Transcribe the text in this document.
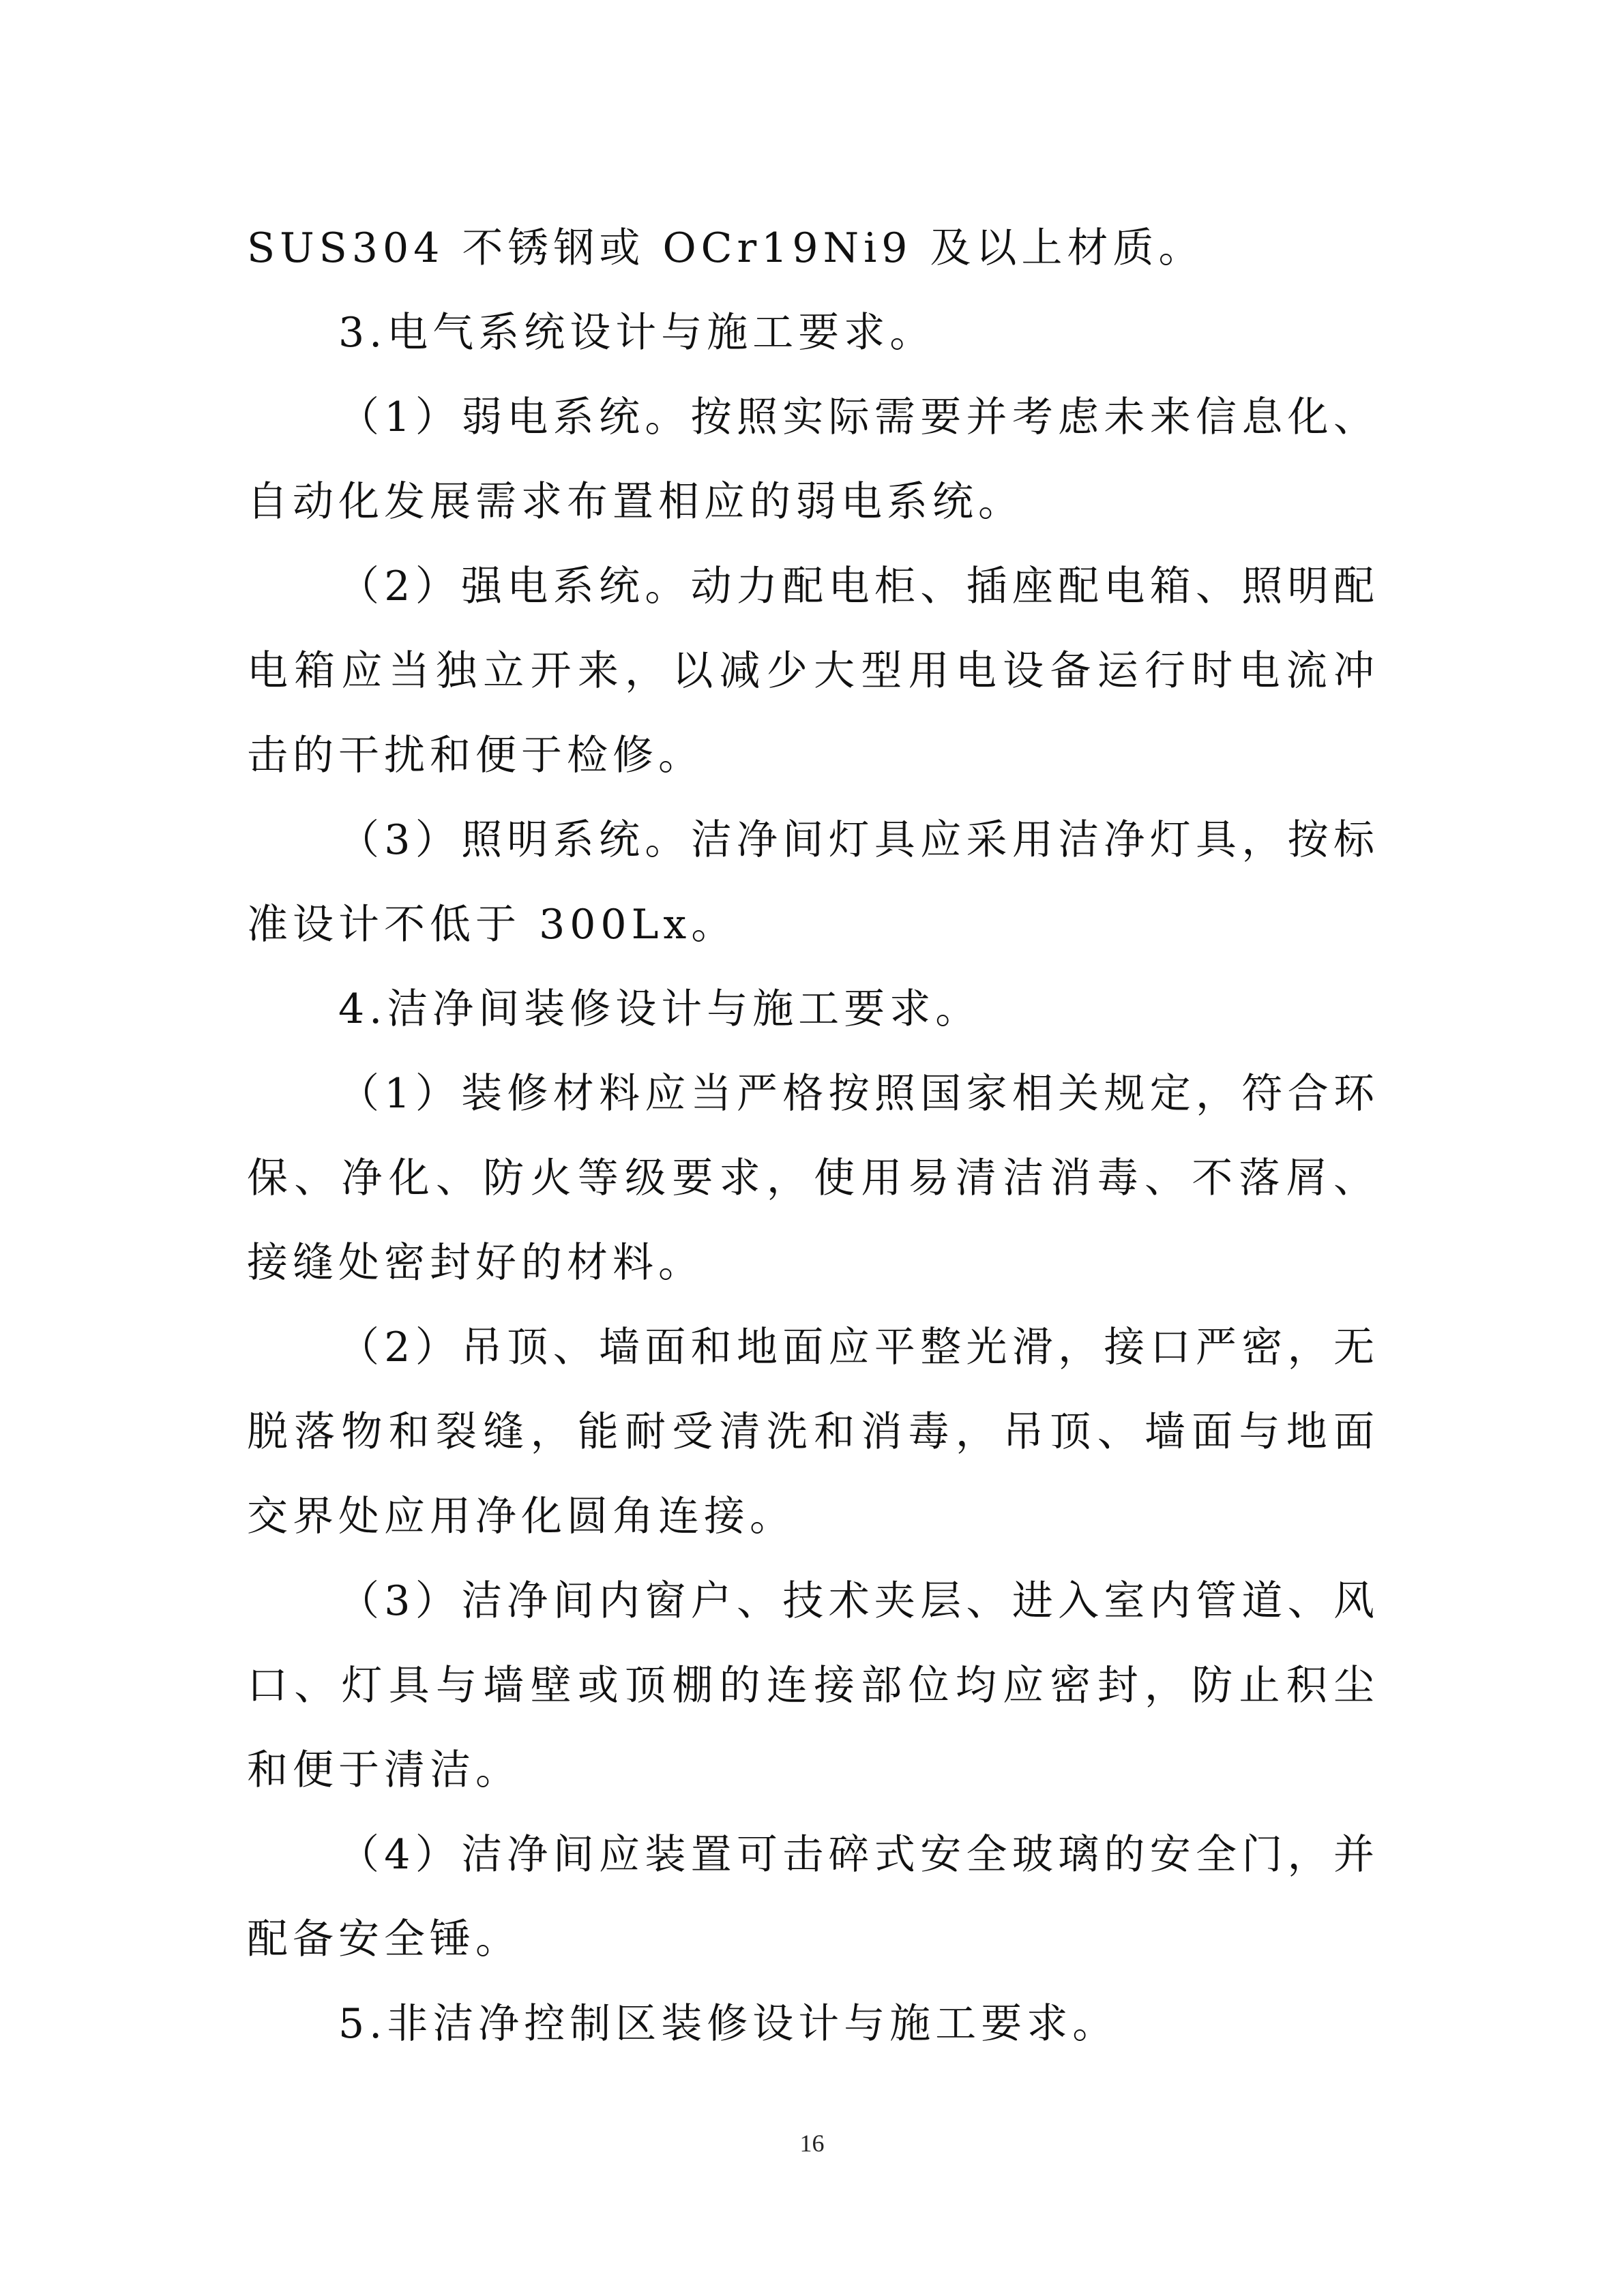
SUS304 不锈钢或 OCr19Ni9 及以上材质。

3.电气系统设计与施工要求。

（1）弱电系统。按照实际需要并考虑未来信息化、自动化发展需求布置相应的弱电系统。

（2）强电系统。动力配电柜、插座配电箱、照明配电箱应当独立开来，以减少大型用电设备运行时电流冲击的干扰和便于检修。

（3）照明系统。洁净间灯具应采用洁净灯具，按标准设计不低于 300Lx。

4.洁净间装修设计与施工要求。

（1）装修材料应当严格按照国家相关规定，符合环保、净化、防火等级要求，使用易清洁消毒、不落屑、接缝处密封好的材料。

（2）吊顶、墙面和地面应平整光滑，接口严密，无脱落物和裂缝，能耐受清洗和消毒，吊顶、墙面与地面交界处应用净化圆角连接。

（3）洁净间内窗户、技术夹层、进入室内管道、风口、灯具与墙壁或顶棚的连接部位均应密封，防止积尘和便于清洁。

（4）洁净间应装置可击碎式安全玻璃的安全门，并配备安全锤。

5.非洁净控制区装修设计与施工要求。

16
